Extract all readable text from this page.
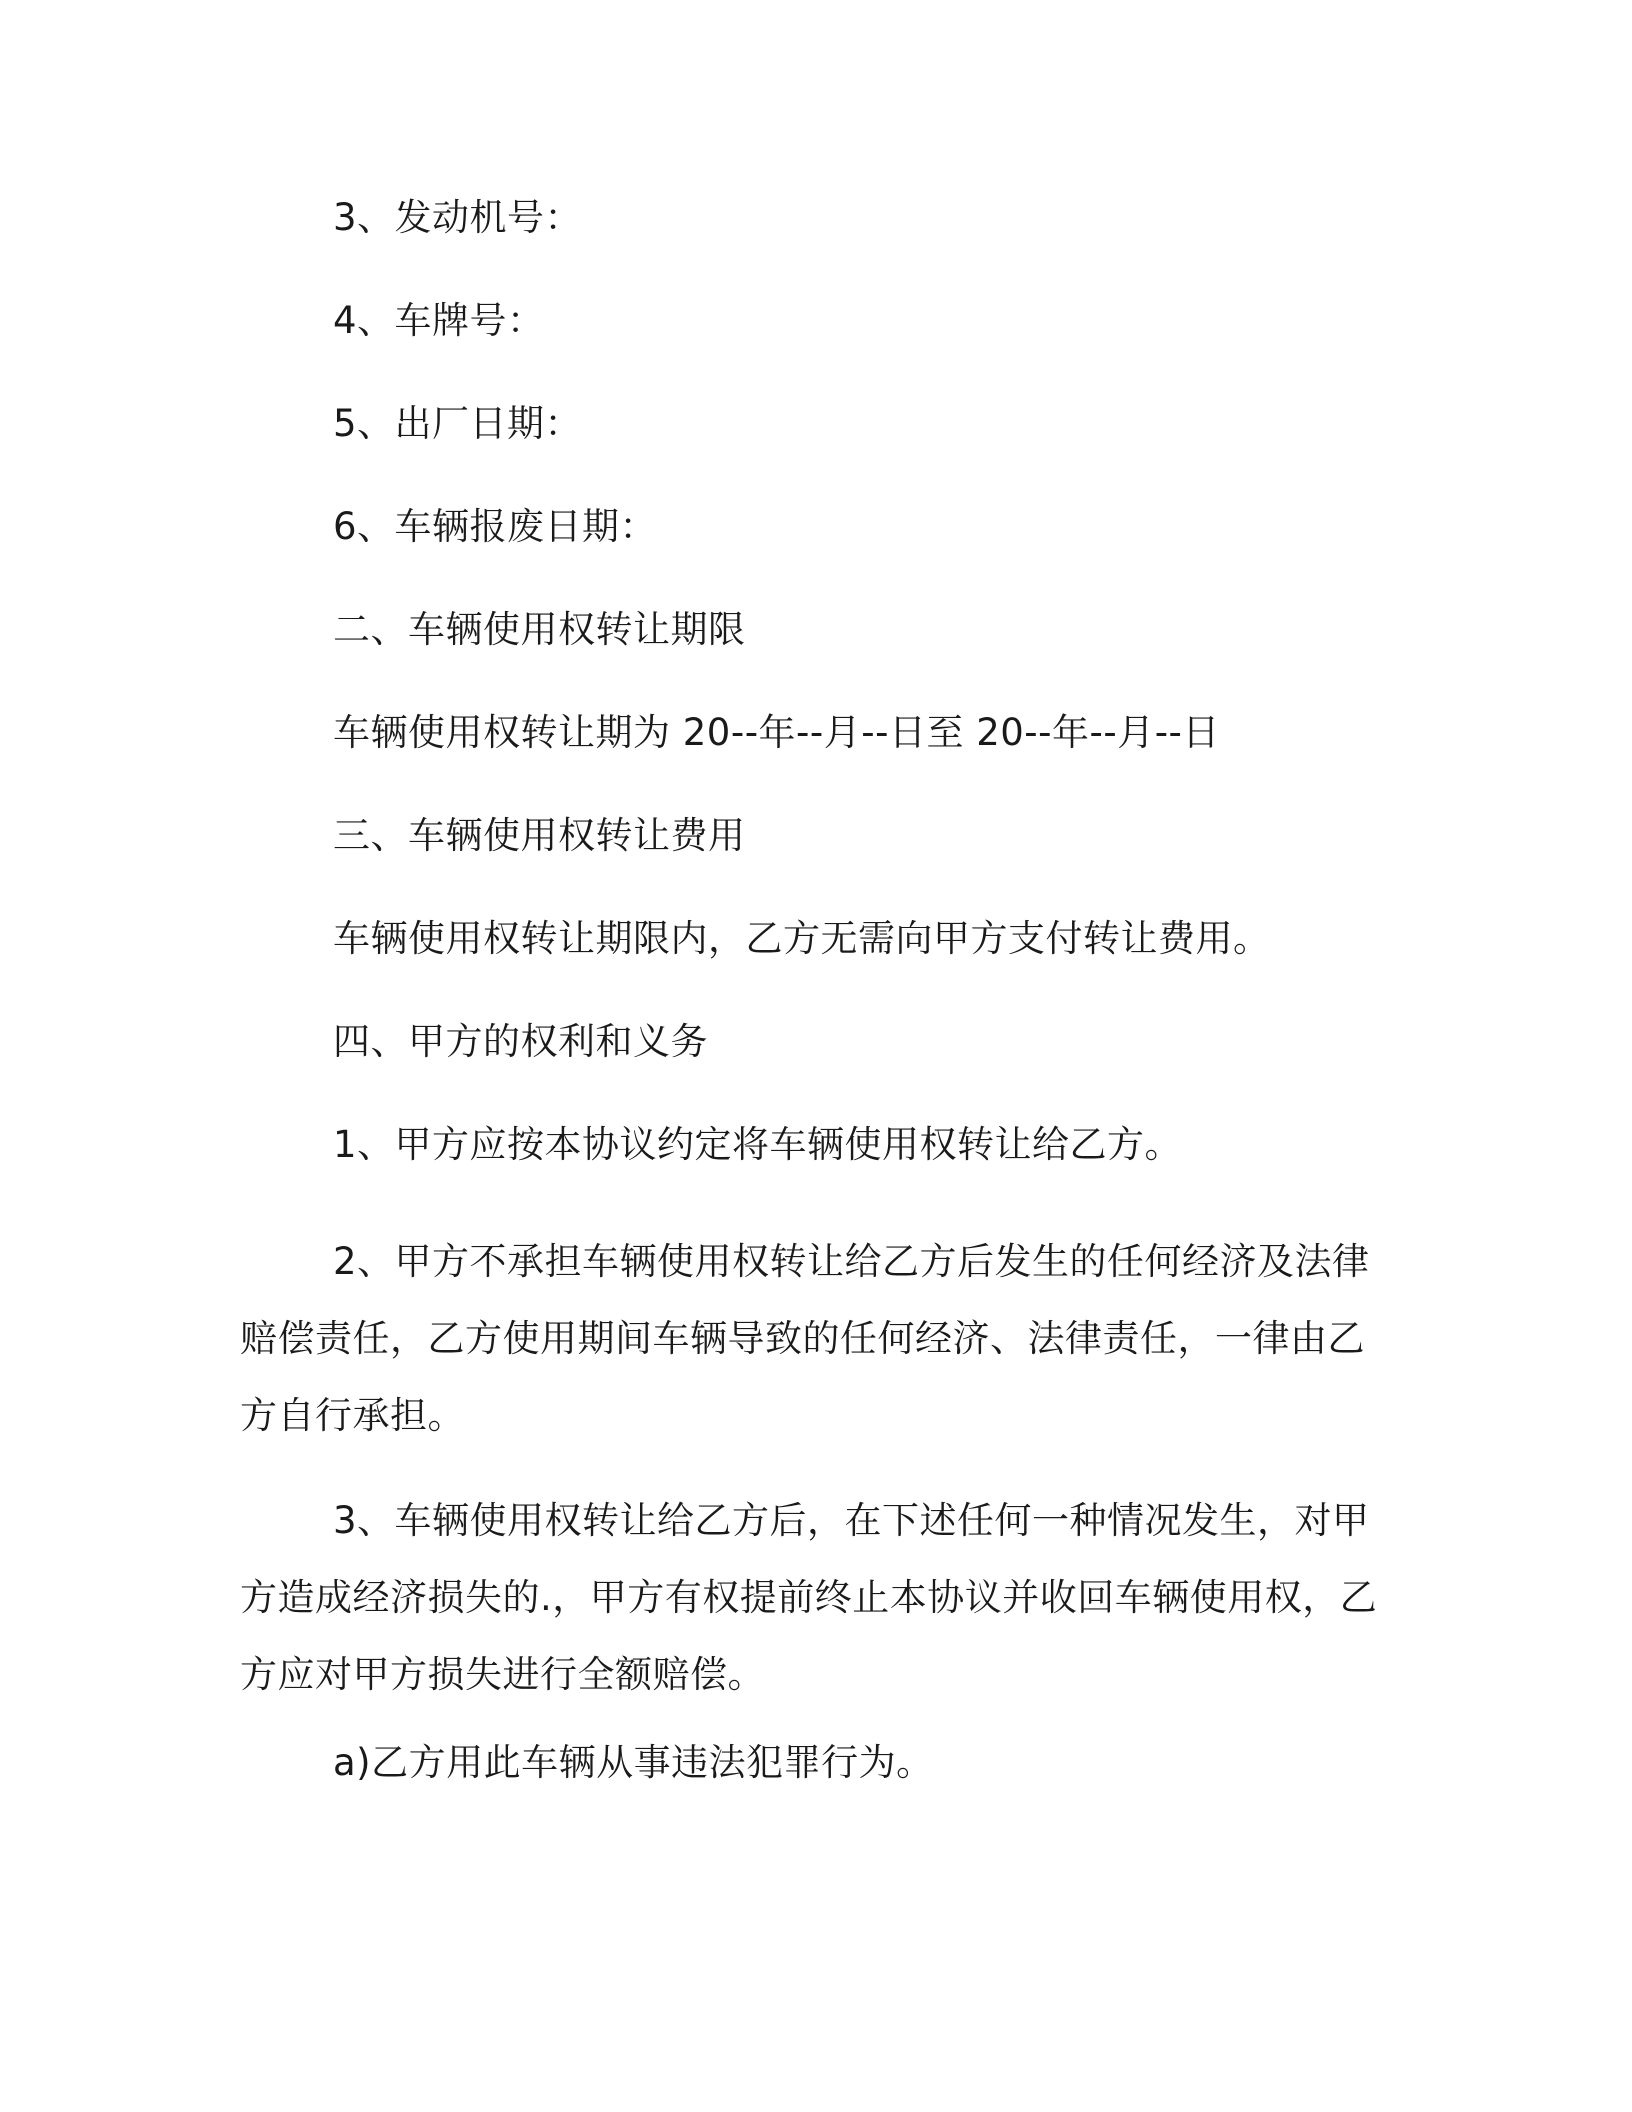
3、发动机号：
4、车牌号：
5、出厂日期：
6、车辆报废日期：
二、车辆使用权转让期限
车辆使用权转让期为 20--年--月--日至 20--年--月--日
三、车辆使用权转让费用
车辆使用权转让期限内，乙方无需向甲方支付转让费用。
四、甲方的权利和义务
1、甲方应按本协议约定将车辆使用权转让给乙方。
2、甲方不承担车辆使用权转让给乙方后发生的任何经济及法律
赔偿责任，乙方使用期间车辆导致的任何经济、法律责任，一律由乙
方自行承担。
3、车辆使用权转让给乙方后，在下述任何一种情况发生，对甲
方造成经济损失的.，甲方有权提前终止本协议并收回车辆使用权，乙
方应对甲方损失进行全额赔偿。
a)乙方用此车辆从事违法犯罪行为。
